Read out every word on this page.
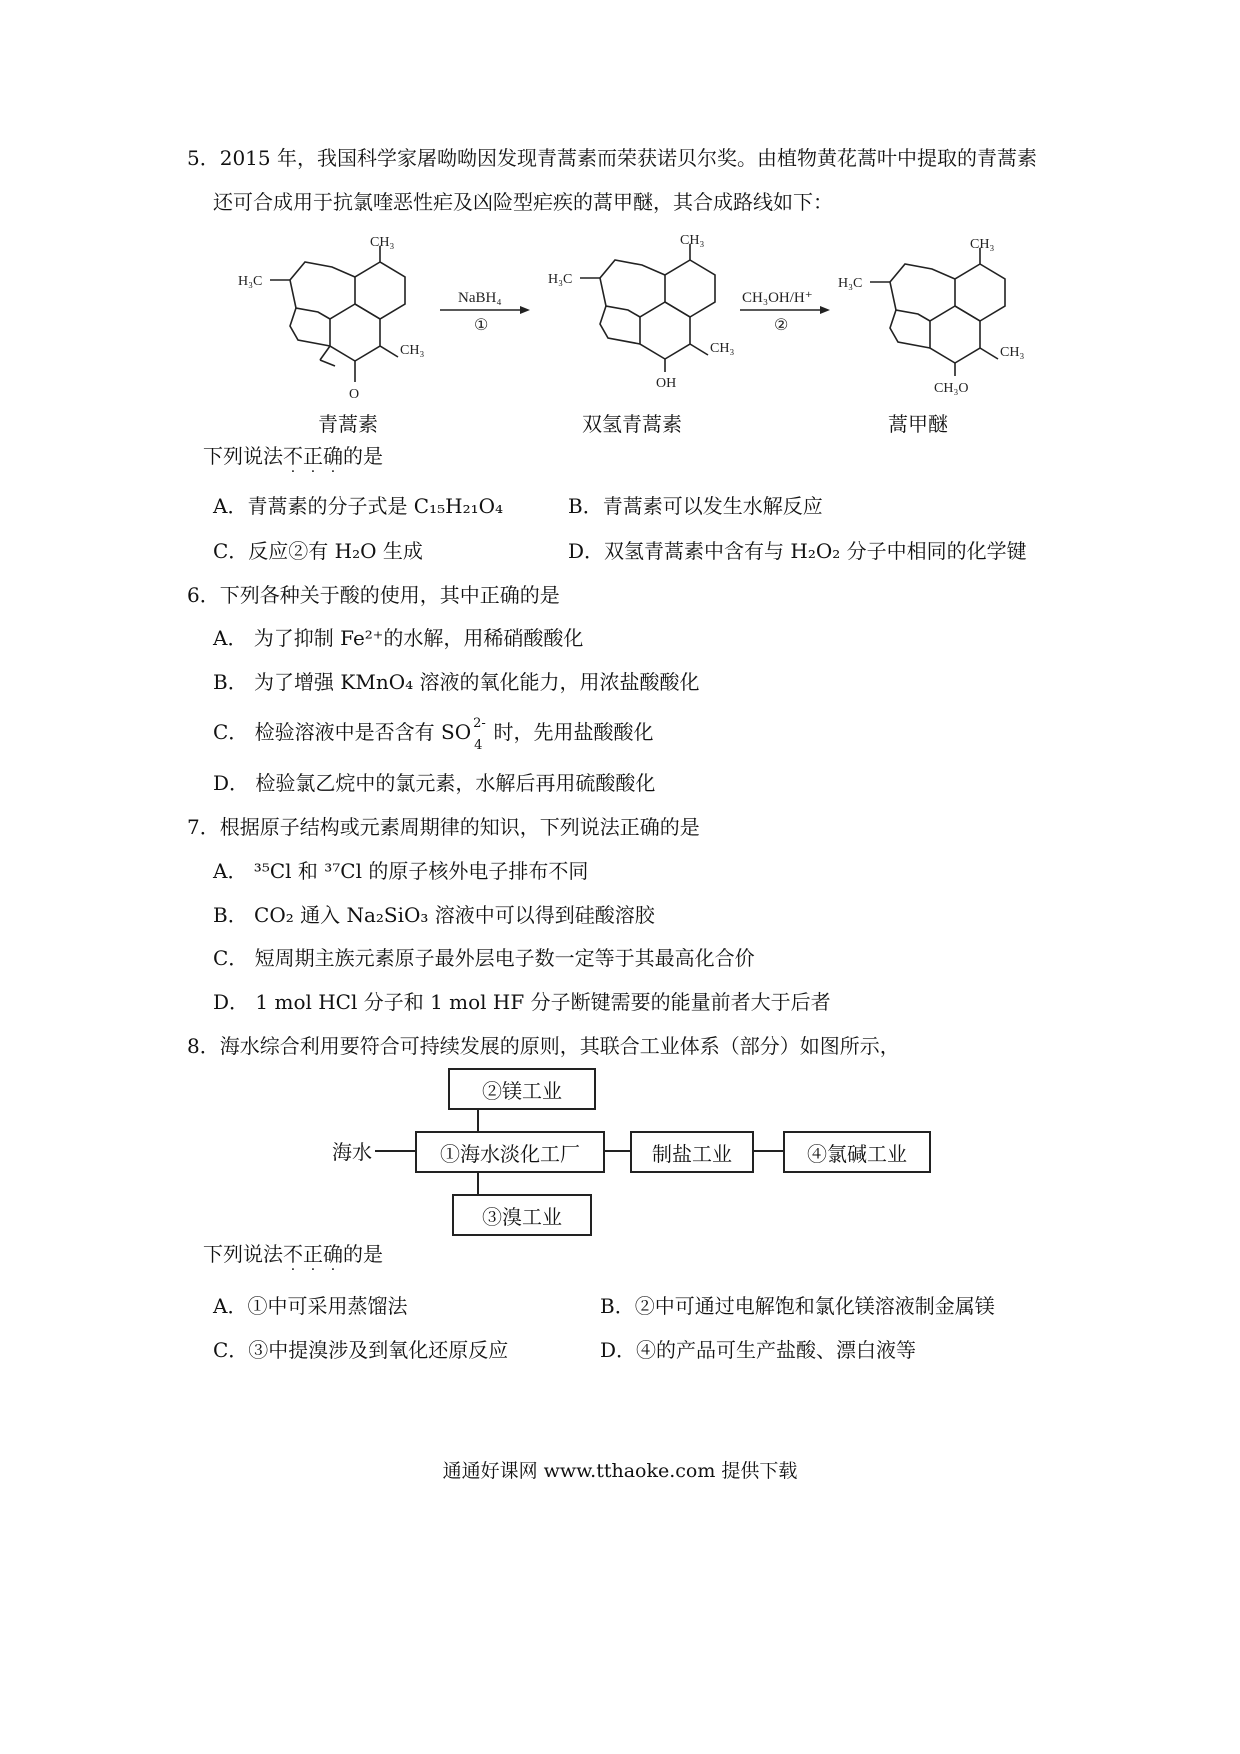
5．2015 年，我国科学家屠呦呦因发现青蒿素而荣获诺贝尔奖。由植物黄花蒿叶中提取的青蒿素
还可合成用于抗氯喹恶性疟及凶险型疟疾的蒿甲醚，其合成路线如下：
CH₃
H₃C
CH₃
O
NaBH₄
①
CH₃
H₃C
CH₃
OH
CH₃OH/H⁺
②
CH₃
H₃C
CH₃
CH₃O
青蒿素	双氢青蒿素	蒿甲醚
下列说法不正确的是
· · ·
A．青蒿素的分子式是 C₁₅H₂₁O₄	B．青蒿素可以发生水解反应
C．反应②有 H₂O 生成	D．双氢青蒿素中含有与 H₂O₂ 分子中相同的化学键
6．下列各种关于酸的使用，其中正确的是
A． 为了抑制 Fe²⁺的水解，用稀硝酸酸化
B． 为了增强 KMnO₄ 溶液的氧化能力，用浓盐酸酸化
C． 检验溶液中是否含有 SO 2-
4
时，先用盐酸酸化
D． 检验氯乙烷中的氯元素，水解后再用硫酸酸化
7．根据原子结构或元素周期律的知识，下列说法正确的是
A． ³⁵Cl 和 ³⁷Cl 的原子核外电子排布不同
B． CO₂ 通入 Na₂SiO₃ 溶液中可以得到硅酸溶胶
C． 短周期主族元素原子最外层电子数一定等于其最高化合价
D． 1 mol HCl 分子和 1 mol HF 分子断键需要的能量前者大于后者
8．海水综合利用要符合可持续发展的原则，其联合工业体系（部分）如图所示，
②镁工业
海水	①海水淡化工厂	制盐工业	④氯碱工业
③溴工业
下列说法不正确的是
· · ·
A．①中可采用蒸馏法	B．②中可通过电解饱和氯化镁溶液制金属镁
C．③中提溴涉及到氧化还原反应	D．④的产品可生产盐酸、漂白液等
通通好课网 www.tthaoke.com 提供下载
